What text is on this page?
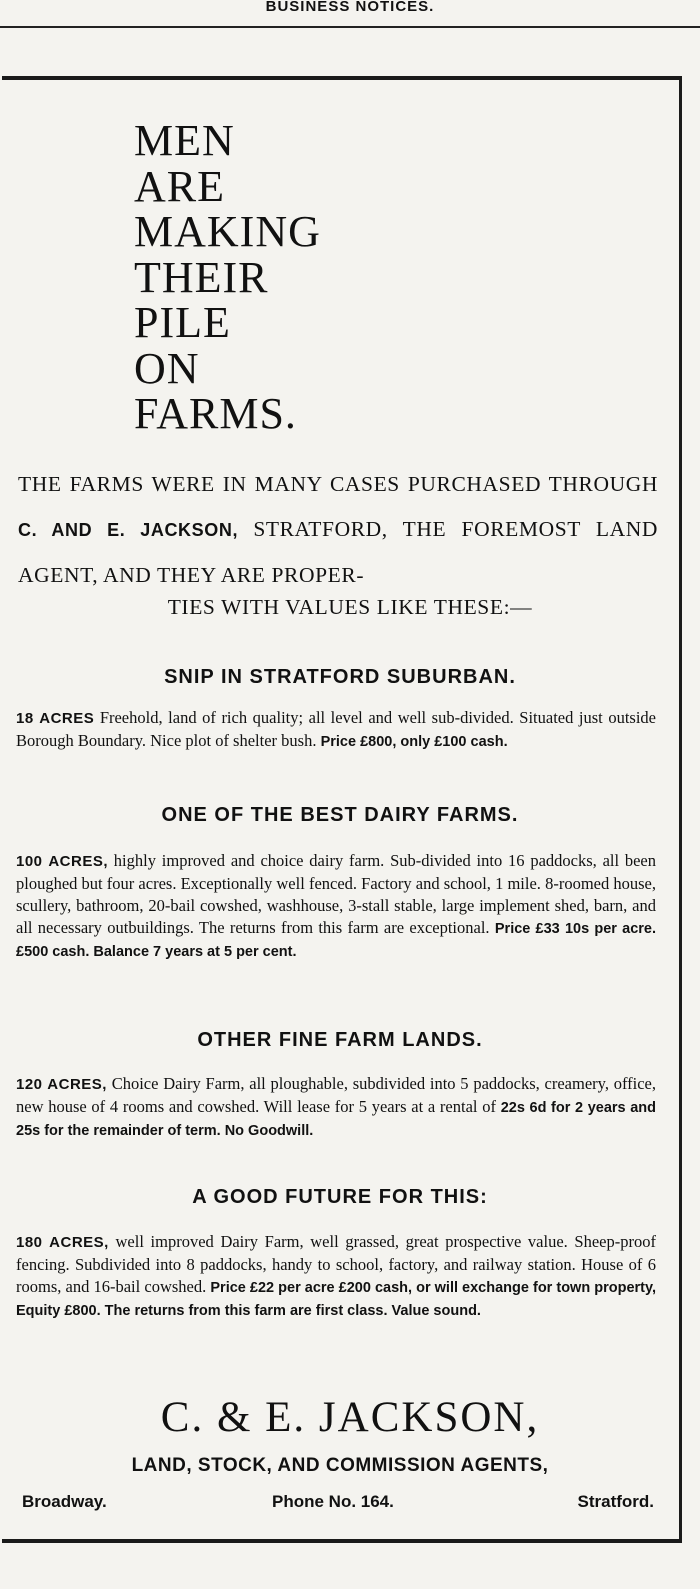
BUSINESS NOTICES.
MEN
ARE
MAKING
THEIR
PILE
ON
FARMS.
THE FARMS WERE IN MANY CASES PURCHASED THROUGH C. AND E. JACKSON, STRATFORD, THE FOREMOST LAND AGENT, AND THEY ARE PROPER-
TIES WITH VALUES LIKE THESE:—
SNIP IN STRATFORD SUBURBAN.
18 ACRES Freehold, land of rich quality; all level and well sub-divided. Situated just outside Borough Boundary. Nice plot of shelter bush. Price £800, only £100 cash.
ONE OF THE BEST DAIRY FARMS.
100 ACRES, highly improved and choice dairy farm. Sub-divided into 16 paddocks, all been ploughed but four acres. Exceptionally well fenced. Factory and school, 1 mile. 8-roomed house, scullery, bathroom, 20-bail cowshed, washhouse, 3-stall stable, large implement shed, barn, and all necessary outbuildings. The returns from this farm are exceptional. Price £33 10s per acre. £500 cash. Balance 7 years at 5 per cent.
OTHER FINE FARM LANDS.
120 ACRES, Choice Dairy Farm, all ploughable, subdivided into 5 paddocks, creamery, office, new house of 4 rooms and cowshed. Will lease for 5 years at a rental of 22s 6d for 2 years and 25s for the remainder of term. No Goodwill.
A GOOD FUTURE FOR THIS:
180 ACRES, well improved Dairy Farm, well grassed, great prospective value. Sheep-proof fencing. Subdivided into 8 paddocks, handy to school, factory, and railway station. House of 6 rooms, and 16-bail cowshed. Price £22 per acre £200 cash, or will exchange for town property, Equity £800. The returns from this farm are first class. Value sound.
C. & E. JACKSON,
LAND, STOCK, AND COMMISSION AGENTS,
Broadway.	Phone No. 164.	Stratford.
